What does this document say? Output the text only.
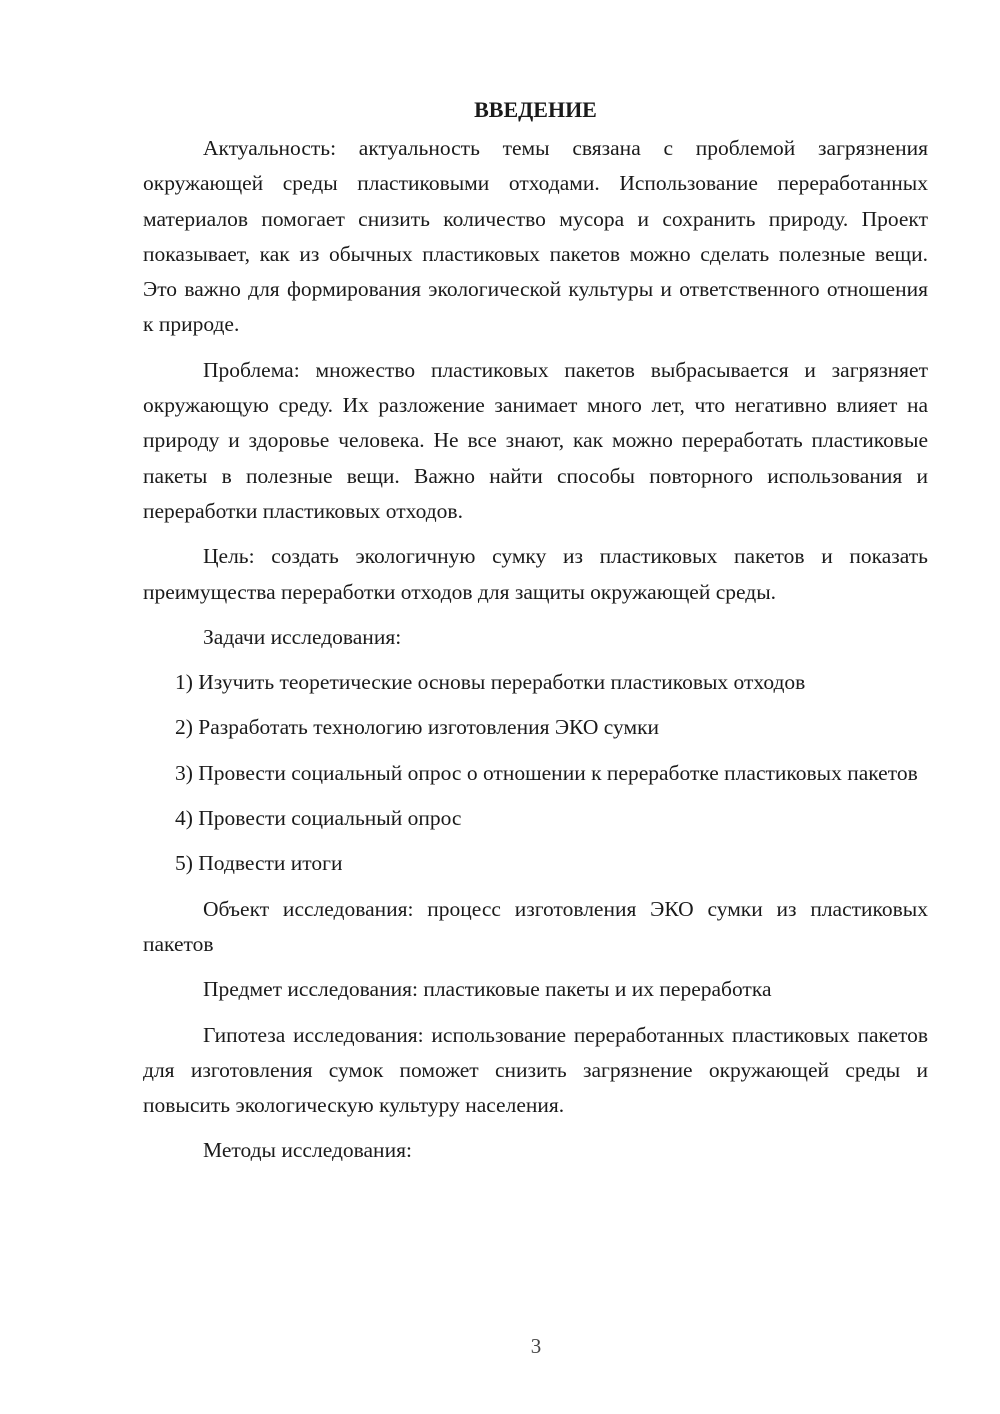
ВВЕДЕНИЕ

Актуальность: актуальность темы связана с проблемой загрязнения окружающей среды пластиковыми отходами. Использование переработанных материалов помогает снизить количество мусора и сохранить природу. Проект показывает, как из обычных пластиковых пакетов можно сделать полезные вещи. Это важно для формирования экологической культуры и ответственного отношения к природе.

Проблема: множество пластиковых пакетов выбрасывается и загрязняет окружающую среду. Их разложение занимает много лет, что негативно влияет на природу и здоровье человека. Не все знают, как можно переработать пластиковые пакеты в полезные вещи. Важно найти способы повторного использования и переработки пластиковых отходов.

Цель: создать экологичную сумку из пластиковых пакетов и показать преимущества переработки отходов для защиты окружающей среды.

Задачи исследования:

1) Изучить теоретические основы переработки пластиковых отходов

2) Разработать технологию изготовления ЭКО сумки

3) Провести социальный опрос о отношении к переработке пластиковых пакетов

4) Провести социальный опрос

5) Подвести итоги

Объект исследования: процесс изготовления ЭКО сумки из пластиковых пакетов

Предмет исследования: пластиковые пакеты и их переработка

Гипотеза исследования: использование переработанных пластиковых пакетов для изготовления сумок поможет снизить загрязнение окружающей среды и повысить экологическую культуру населения.

Методы исследования:

3
